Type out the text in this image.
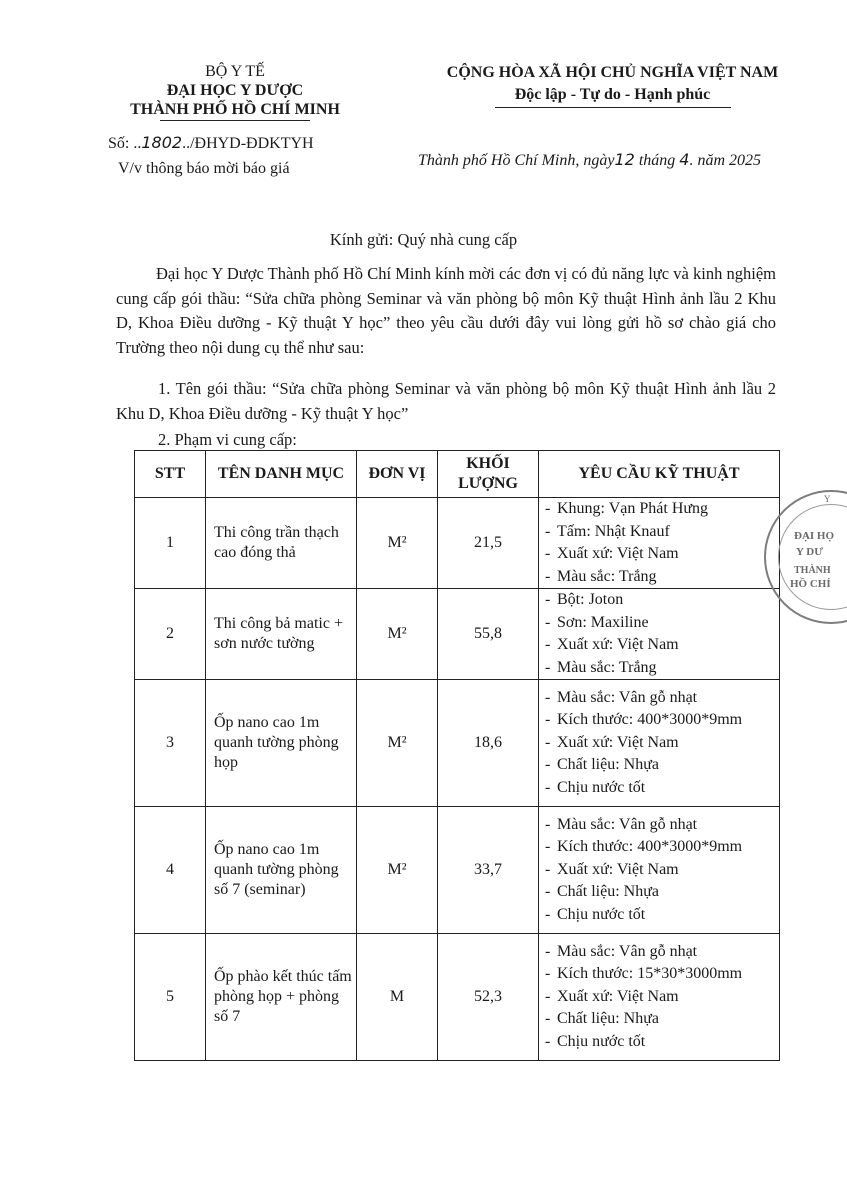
BỘ Y TẾ
ĐẠI HỌC Y DƯỢC
THÀNH PHỐ HỒ CHÍ MINH
Số: ..1802../ĐHYD-ĐDKTYH
V/v thông báo mời báo giá
CỘNG HÒA XÃ HỘI CHỦ NGHĨA VIỆT NAM
Độc lập - Tự do - Hạnh phúc
Thành phố Hồ Chí Minh, ngày12 tháng 4. năm 2025
Kính gửi: Quý nhà cung cấp
Đại học Y Dược Thành phố Hồ Chí Minh kính mời các đơn vị có đủ năng lực và kinh nghiệm cung cấp gói thầu: “Sửa chữa phòng Seminar và văn phòng bộ môn Kỹ thuật Hình ảnh lầu 2 Khu D, Khoa Điều dưỡng - Kỹ thuật Y học” theo yêu cầu dưới đây vui lòng gửi hồ sơ chào giá cho Trường theo nội dung cụ thể như sau:
1. Tên gói thầu: “Sửa chữa phòng Seminar và văn phòng bộ môn Kỹ thuật Hình ảnh lầu 2 Khu D, Khoa Điều dưỡng - Kỹ thuật Y học”
2. Phạm vi cung cấp:
STT	TÊN DANH MỤC	ĐƠN VỊ	KHỐI LƯỢNG	YÊU CẦU KỸ THUẬT
1	Thi công trần thạch cao đóng thả	M²	21,5	- Khung: Vạn Phát Hưng
- Tấm: Nhật Knauf
- Xuất xứ: Việt Nam
- Màu sắc: Trắng

2	Thi công bả matic + sơn nước tường	M²	55,8	- Bột: Joton
- Sơn: Maxiline
- Xuất xứ: Việt Nam
- Màu sắc: Trắng

3	Ốp nano cao 1m quanh tường phòng họp	M²	18,6	- Màu sắc: Vân gỗ nhạt
- Kích thước: 400*3000*9mm
- Xuất xứ: Việt Nam
- Chất liệu: Nhựa
- Chịu nước tốt

4	Ốp nano cao 1m quanh tường phòng số 7 (seminar)	M²	33,7	- Màu sắc: Vân gỗ nhạt
- Kích thước: 400*3000*9mm
- Xuất xứ: Việt Nam
- Chất liệu: Nhựa
- Chịu nước tốt

5	Ốp phào kết thúc tấm phòng họp + phòng số 7	M	52,3	- Màu sắc: Vân gỗ nhạt
- Kích thước: 15*30*3000mm
- Xuất xứ: Việt Nam
- Chất liệu: Nhựa
- Chịu nước tốt
Y
ĐẠI HỌ
Y DƯ
THÀNH
HỒ CHÍ
